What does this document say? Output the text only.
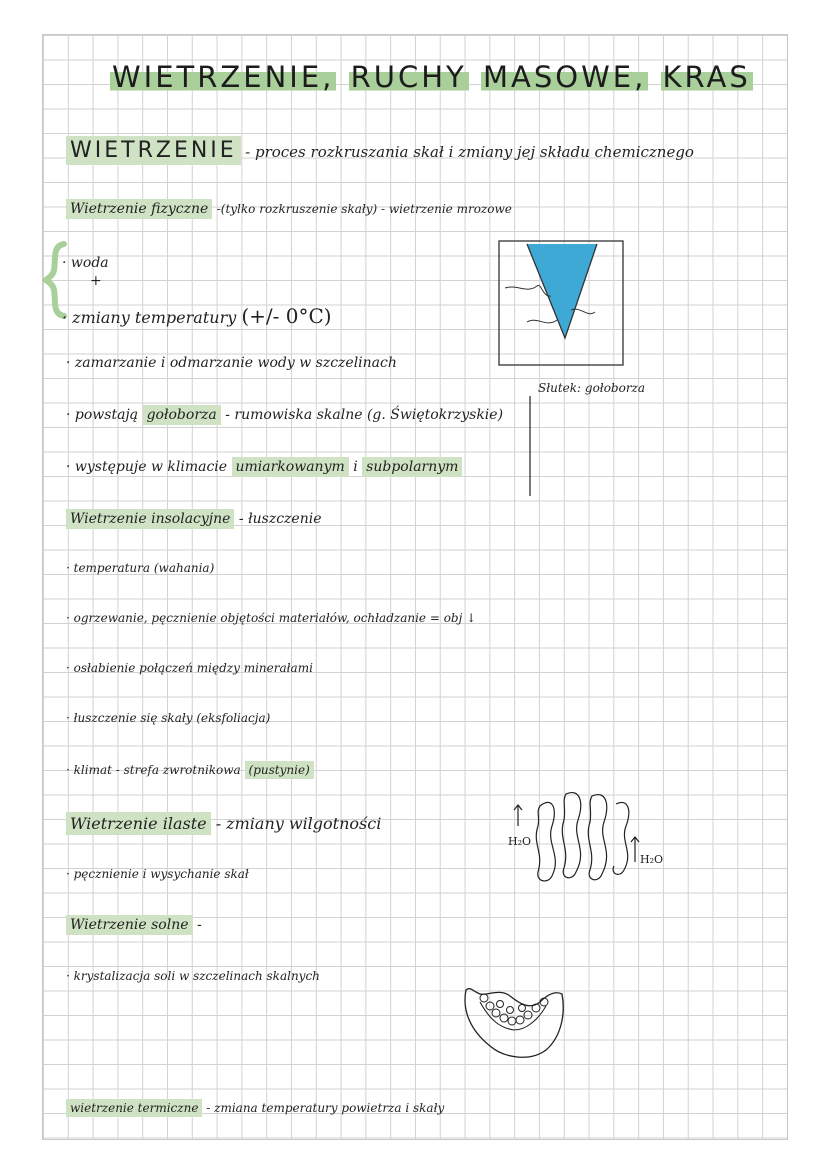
WIETRZENIE, RUCHY MASOWE, KRAS
WIETRZENIE - proces rozkruszania skał i zmiany jej składu chemicznego
Wietrzenie fizyczne -(tylko rozkruszenie skały) - wietrzenie mrozowe
· woda
+
· zmiany temperatury (+/- 0°C)
· zamarzanie i odmarzanie wody w szczelinach
· powstają gołoborza - rumowiska skalne (g. Świętokrzyskie)
· występuje w klimacie umiarkowanym i subpolarnym
Słutek: gołoborza
Wietrzenie insolacyjne - łuszczenie
· temperatura (wahania)
· ogrzewanie, pęcznienie objętości materiałów, ochładzanie = obj ↓
· osłabienie połączeń między minerałami
· łuszczenie się skały (eksfoliacja)
· klimat - strefa zwrotnikowa (pustynie)
Wietrzenie ilaste - zmiany wilgotności
· pęcznienie i wysychanie skał
H₂O
H₂O
Wietrzenie solne -
· krystalizacja soli w szczelinach skalnych
wietrzenie termiczne - zmiana temperatury powietrza i skały
